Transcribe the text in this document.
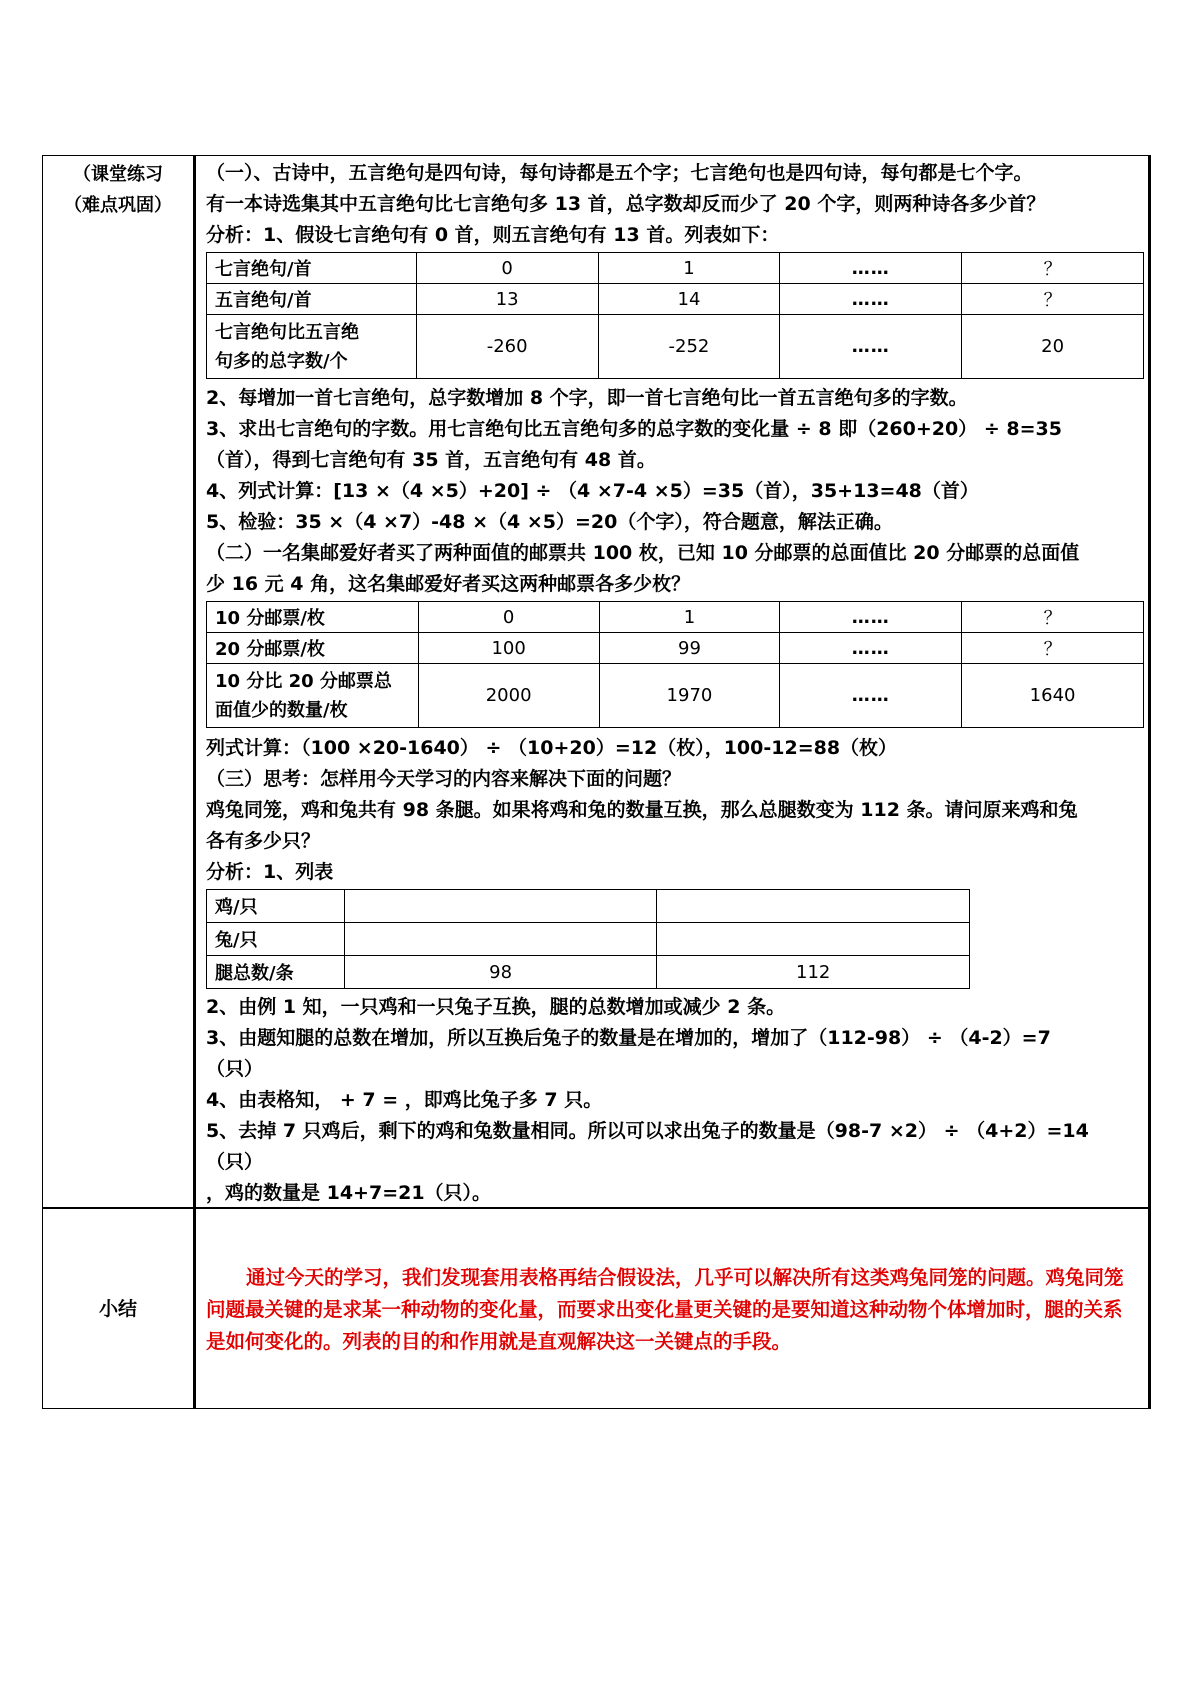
（课堂练习
（难点巩固）
小结
（一）、古诗中，五言绝句是四句诗，每句诗都是五个字；七言绝句也是四句诗，每句都是七个字。
有一本诗选集其中五言绝句比七言绝句多 13 首，总字数却反而少了 20 个字，则两种诗各多少首？
分析：1、假设七言绝句有 0 首，则五言绝句有 13 首。列表如下：
七言绝句/首	0	1	……	？
五言绝句/首	13	14	……	？

七言绝句比五言绝
句多的总字数/个	-260	-252	……	20
2、每增加一首七言绝句，总字数增加 8 个字，即一首七言绝句比一首五言绝句多的字数。
3、求出七言绝句的字数。用七言绝句比五言绝句多的总字数的变化量 ÷ 8 即（260+20） ÷ 8=35
（首），得到七言绝句有 35 首，五言绝句有 48 首。
4、列式计算：[13 ×（4 ×5）+20] ÷ （4 ×7-4 ×5）=35（首），35+13=48（首）
5、检验：35 ×（4 ×7）-48 ×（4 ×5）=20（个字），符合题意，解法正确。
（二）一名集邮爱好者买了两种面值的邮票共 100 枚，已知 10 分邮票的总面值比 20 分邮票的总面值
少 16 元 4 角，这名集邮爱好者买这两种邮票各多少枚？
10 分邮票/枚	0	1	……	？
20 分邮票/枚	100	99	……	？

10 分比 20 分邮票总
面值少的数量/枚	2000	1970	……	1640
列式计算：（100 ×20-1640） ÷ （10+20）=12（枚），100-12=88（枚）
（三）思考：怎样用今天学习的内容来解决下面的问题？
鸡兔同笼，鸡和兔共有 98 条腿。如果将鸡和兔的数量互换，那么总腿数变为 112 条。请问原来鸡和兔
各有多少只？
分析：1、列表
鸡/只		
兔/只		
腿总数/条	98	112
2、由例 1 知，一只鸡和一只兔子互换，腿的总数增加或减少 2 条。
3、由题知腿的总数在增加，所以互换后兔子的数量是在增加的，增加了（112-98） ÷ （4-2）=7
（只）
4、由表格知， + 7 = ，即鸡比兔子多 7 只。
5、去掉 7 只鸡后，剩下的鸡和兔数量相同。所以可以求出兔子的数量是（98-7 ×2） ÷ （4+2）=14
（只）
，鸡的数量是 14+7=21（只）。
通过今天的学习，我们发现套用表格再结合假设法，几乎可以解决所有这类鸡兔同笼的问题。鸡兔同笼问题最关键的是求某一种动物的变化量，而要求出变化量更关键的是要知道这种动物个体增加时，腿的关系是如何变化的。列表的目的和作用就是直观解决这一关键点的手段。
